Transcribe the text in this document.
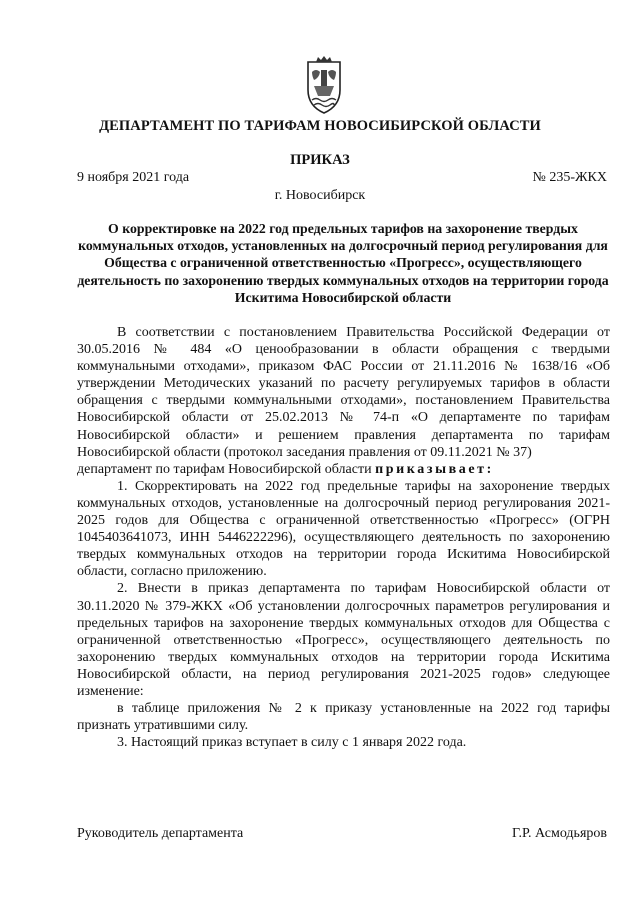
ДЕПАРТАМЕНТ ПО ТАРИФАМ НОВОСИБИРСКОЙ ОБЛАСТИ
ПРИКАЗ
9 ноября 2021 года	№ 235-ЖКХ
г. Новосибирск
О корректировке на 2022 год предельных тарифов на захоронение твердых коммунальных отходов, установленных на долгосрочный период регулирования для Общества с ограниченной ответственностью «Прогресс», осуществляющего деятельность по захоронению твердых коммунальных отходов на территории города Искитима Новосибирской области

В соответствии с постановлением Правительства Российской Федерации от 30.05.2016 № 484 «О ценообразовании в области обращения с твердыми коммунальными отходами», приказом ФАС России от 21.11.2016 № 1638/16 «Об утверждении Методических указаний по расчету регулируемых тарифов в области обращения с твердыми коммунальными отходами», постановлением Правительства Новосибирской области от 25.02.2013 № 74-п «О департаменте по тарифам Новосибирской области» и решением правления департамента по тарифам Новосибирской области (протокол заседания правления от 09.11.2021 № 37)

департамент по тарифам Новосибирской области приказывает:

1. Скорректировать на 2022 год предельные тарифы на захоронение твердых коммунальных отходов, установленные на долгосрочный период регулирования 2021-2025 годов для Общества с ограниченной ответственностью «Прогресс» (ОГРН 1045403641073, ИНН 5446222296), осуществляющего деятельность по захоронению твердых коммунальных отходов на территории города Искитима Новосибирской области, согласно приложению.

2. Внести в приказ департамента по тарифам Новосибирской области от 30.11.2020 № 379-ЖКХ «Об установлении долгосрочных параметров регулирования и предельных тарифов на захоронение твердых коммунальных отходов для Общества с ограниченной ответственностью «Прогресс», осуществляющего деятельность по захоронению твердых коммунальных отходов на территории города Искитима Новосибирской области, на период регулирования 2021-2025 годов» следующее изменение:

в таблице приложения № 2 к приказу установленные на 2022 год тарифы признать утратившими силу.

3. Настоящий приказ вступает в силу с 1 января 2022 года.

Руководитель департамента	Г.Р. Асмодьяров
